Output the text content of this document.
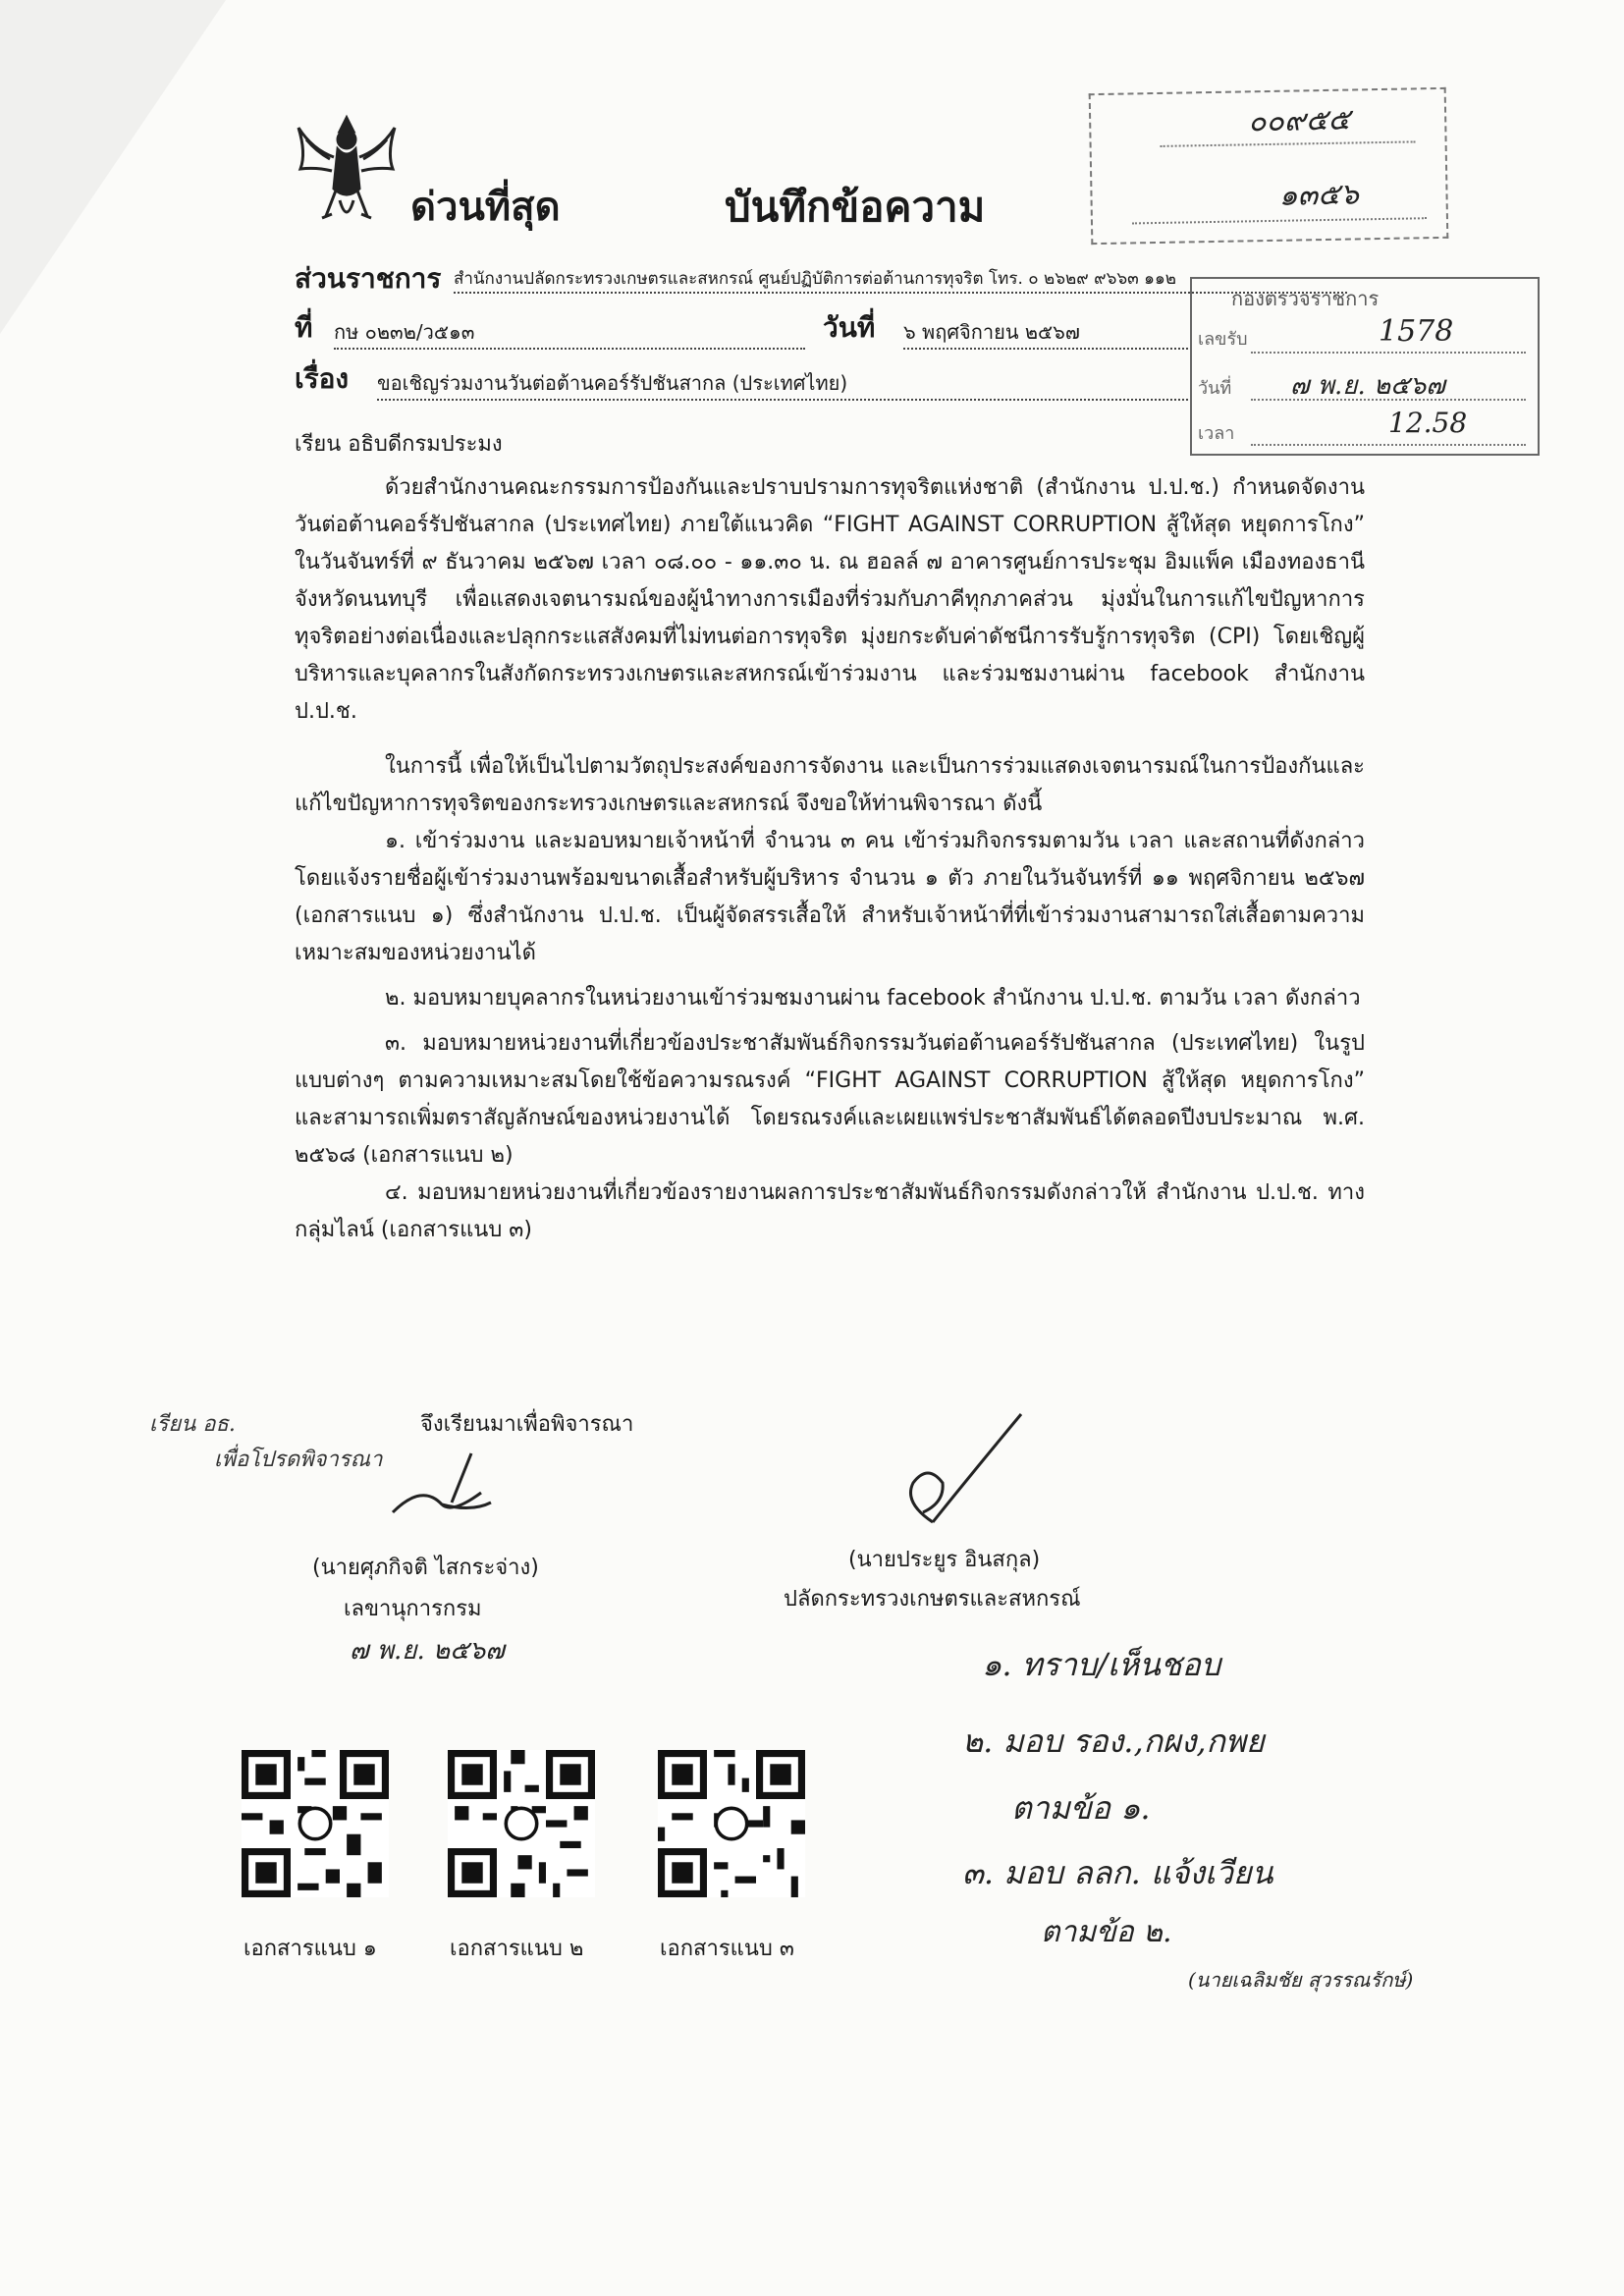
ด่วนที่สุด	บันทึกข้อความ
๐๐๙๕๕
๑๓๕๖
กองตรวจราชการ
เลขรับ	1578
วันที่ ๗ พ.ย. ๒๕๖๗
เวลา	12.58
ส่วนราชการ สำนักงานปลัดกระทรวงเกษตรและสหกรณ์ ศูนย์ปฏิบัติการต่อต้านการทุจริต โทร. ๐ ๒๖๒๙ ๙๖๖๓ ๑๑๒
ที่ กษ ๐๒๓๒/ว๕๑๓	วันที่ ๖ พฤศจิกายน ๒๕๖๗
เรื่อง ขอเชิญร่วมงานวันต่อต้านคอร์รัปชันสากล (ประเทศไทย)
เรียน อธิบดีกรมประมง

ด้วยสำนักงานคณะกรรมการป้องกันและปราบปรามการทุจริตแห่งชาติ (สำนักงาน ป.ป.ช.) กำหนดจัดงานวันต่อต้านคอร์รัปชันสากล (ประเทศไทย) ภายใต้แนวคิด “FIGHT AGAINST CORRUPTION สู้ให้สุด หยุดการโกง” ในวันจันทร์ที่ ๙ ธันวาคม ๒๕๖๗ เวลา ๐๘.๐๐ - ๑๑.๓๐ น. ณ ฮอลล์ ๗ อาคารศูนย์การประชุม อิมแพ็ค เมืองทองธานี จังหวัดนนทบุรี เพื่อแสดงเจตนารมณ์ของผู้นำทางการเมืองที่ร่วมกับภาคีทุกภาคส่วน มุ่งมั่นในการแก้ไขปัญหาการทุจริตอย่างต่อเนื่องและปลุกกระแสสังคมที่ไม่ทนต่อการทุจริต มุ่งยกระดับค่าดัชนีการรับรู้การทุจริต (CPI) โดยเชิญผู้บริหารและบุคลากรในสังกัดกระทรวงเกษตรและสหกรณ์เข้าร่วมงาน และร่วมชมงานผ่าน facebook สำนักงาน ป.ป.ช.

ในการนี้ เพื่อให้เป็นไปตามวัตถุประสงค์ของการจัดงาน และเป็นการร่วมแสดงเจตนารมณ์ในการป้องกันและแก้ไขปัญหาการทุจริตของกระทรวงเกษตรและสหกรณ์ จึงขอให้ท่านพิจารณา ดังนี้

๑. เข้าร่วมงาน และมอบหมายเจ้าหน้าที่ จำนวน ๓ คน เข้าร่วมกิจกรรมตามวัน เวลา และสถานที่ดังกล่าว โดยแจ้งรายชื่อผู้เข้าร่วมงานพร้อมขนาดเสื้อสำหรับผู้บริหาร จำนวน ๑ ตัว ภายในวันจันทร์ที่ ๑๑ พฤศจิกายน ๒๕๖๗ (เอกสารแนบ ๑) ซึ่งสำนักงาน ป.ป.ช. เป็นผู้จัดสรรเสื้อให้ สำหรับเจ้าหน้าที่ที่เข้าร่วมงานสามารถใส่เสื้อตามความเหมาะสมของหน่วยงานได้

๒. มอบหมายบุคลากรในหน่วยงานเข้าร่วมชมงานผ่าน facebook สำนักงาน ป.ป.ช. ตามวัน เวลา ดังกล่าว

๓. มอบหมายหน่วยงานที่เกี่ยวข้องประชาสัมพันธ์กิจกรรมวันต่อต้านคอร์รัปชันสากล (ประเทศไทย) ในรูปแบบต่างๆ ตามความเหมาะสมโดยใช้ข้อความรณรงค์ “FIGHT AGAINST CORRUPTION สู้ให้สุด หยุดการโกง” และสามารถเพิ่มตราสัญลักษณ์ของหน่วยงานได้ โดยรณรงค์และเผยแพร่ประชาสัมพันธ์ได้ตลอดปีงบประมาณ พ.ศ. ๒๕๖๘ (เอกสารแนบ ๒)

๔. มอบหมายหน่วยงานที่เกี่ยวข้องรายงานผลการประชาสัมพันธ์กิจกรรมดังกล่าวให้ สำนักงาน ป.ป.ช. ทางกลุ่มไลน์ (เอกสารแนบ ๓)

จึงเรียนมาเพื่อพิจารณา
เรียน อธ.
เพื่อโปรดพิจารณา
(นายศุภกิจติ ไสกระจ่าง)
เลขานุการกรม
๗ พ.ย. ๒๕๖๗
(นายประยูร อินสกุล)
ปลัดกระทรวงเกษตรและสหกรณ์
๑. ทราบ/เห็นชอบ
๒. มอบ รอง.,กผง,กพย
ตามข้อ ๑.
๓. มอบ ลลก. แจ้งเวียน
ตามข้อ ๒.
(นายเฉลิมชัย สุวรรณรักษ์)
เอกสารแนบ ๑	เอกสารแนบ ๒	เอกสารแนบ ๓
